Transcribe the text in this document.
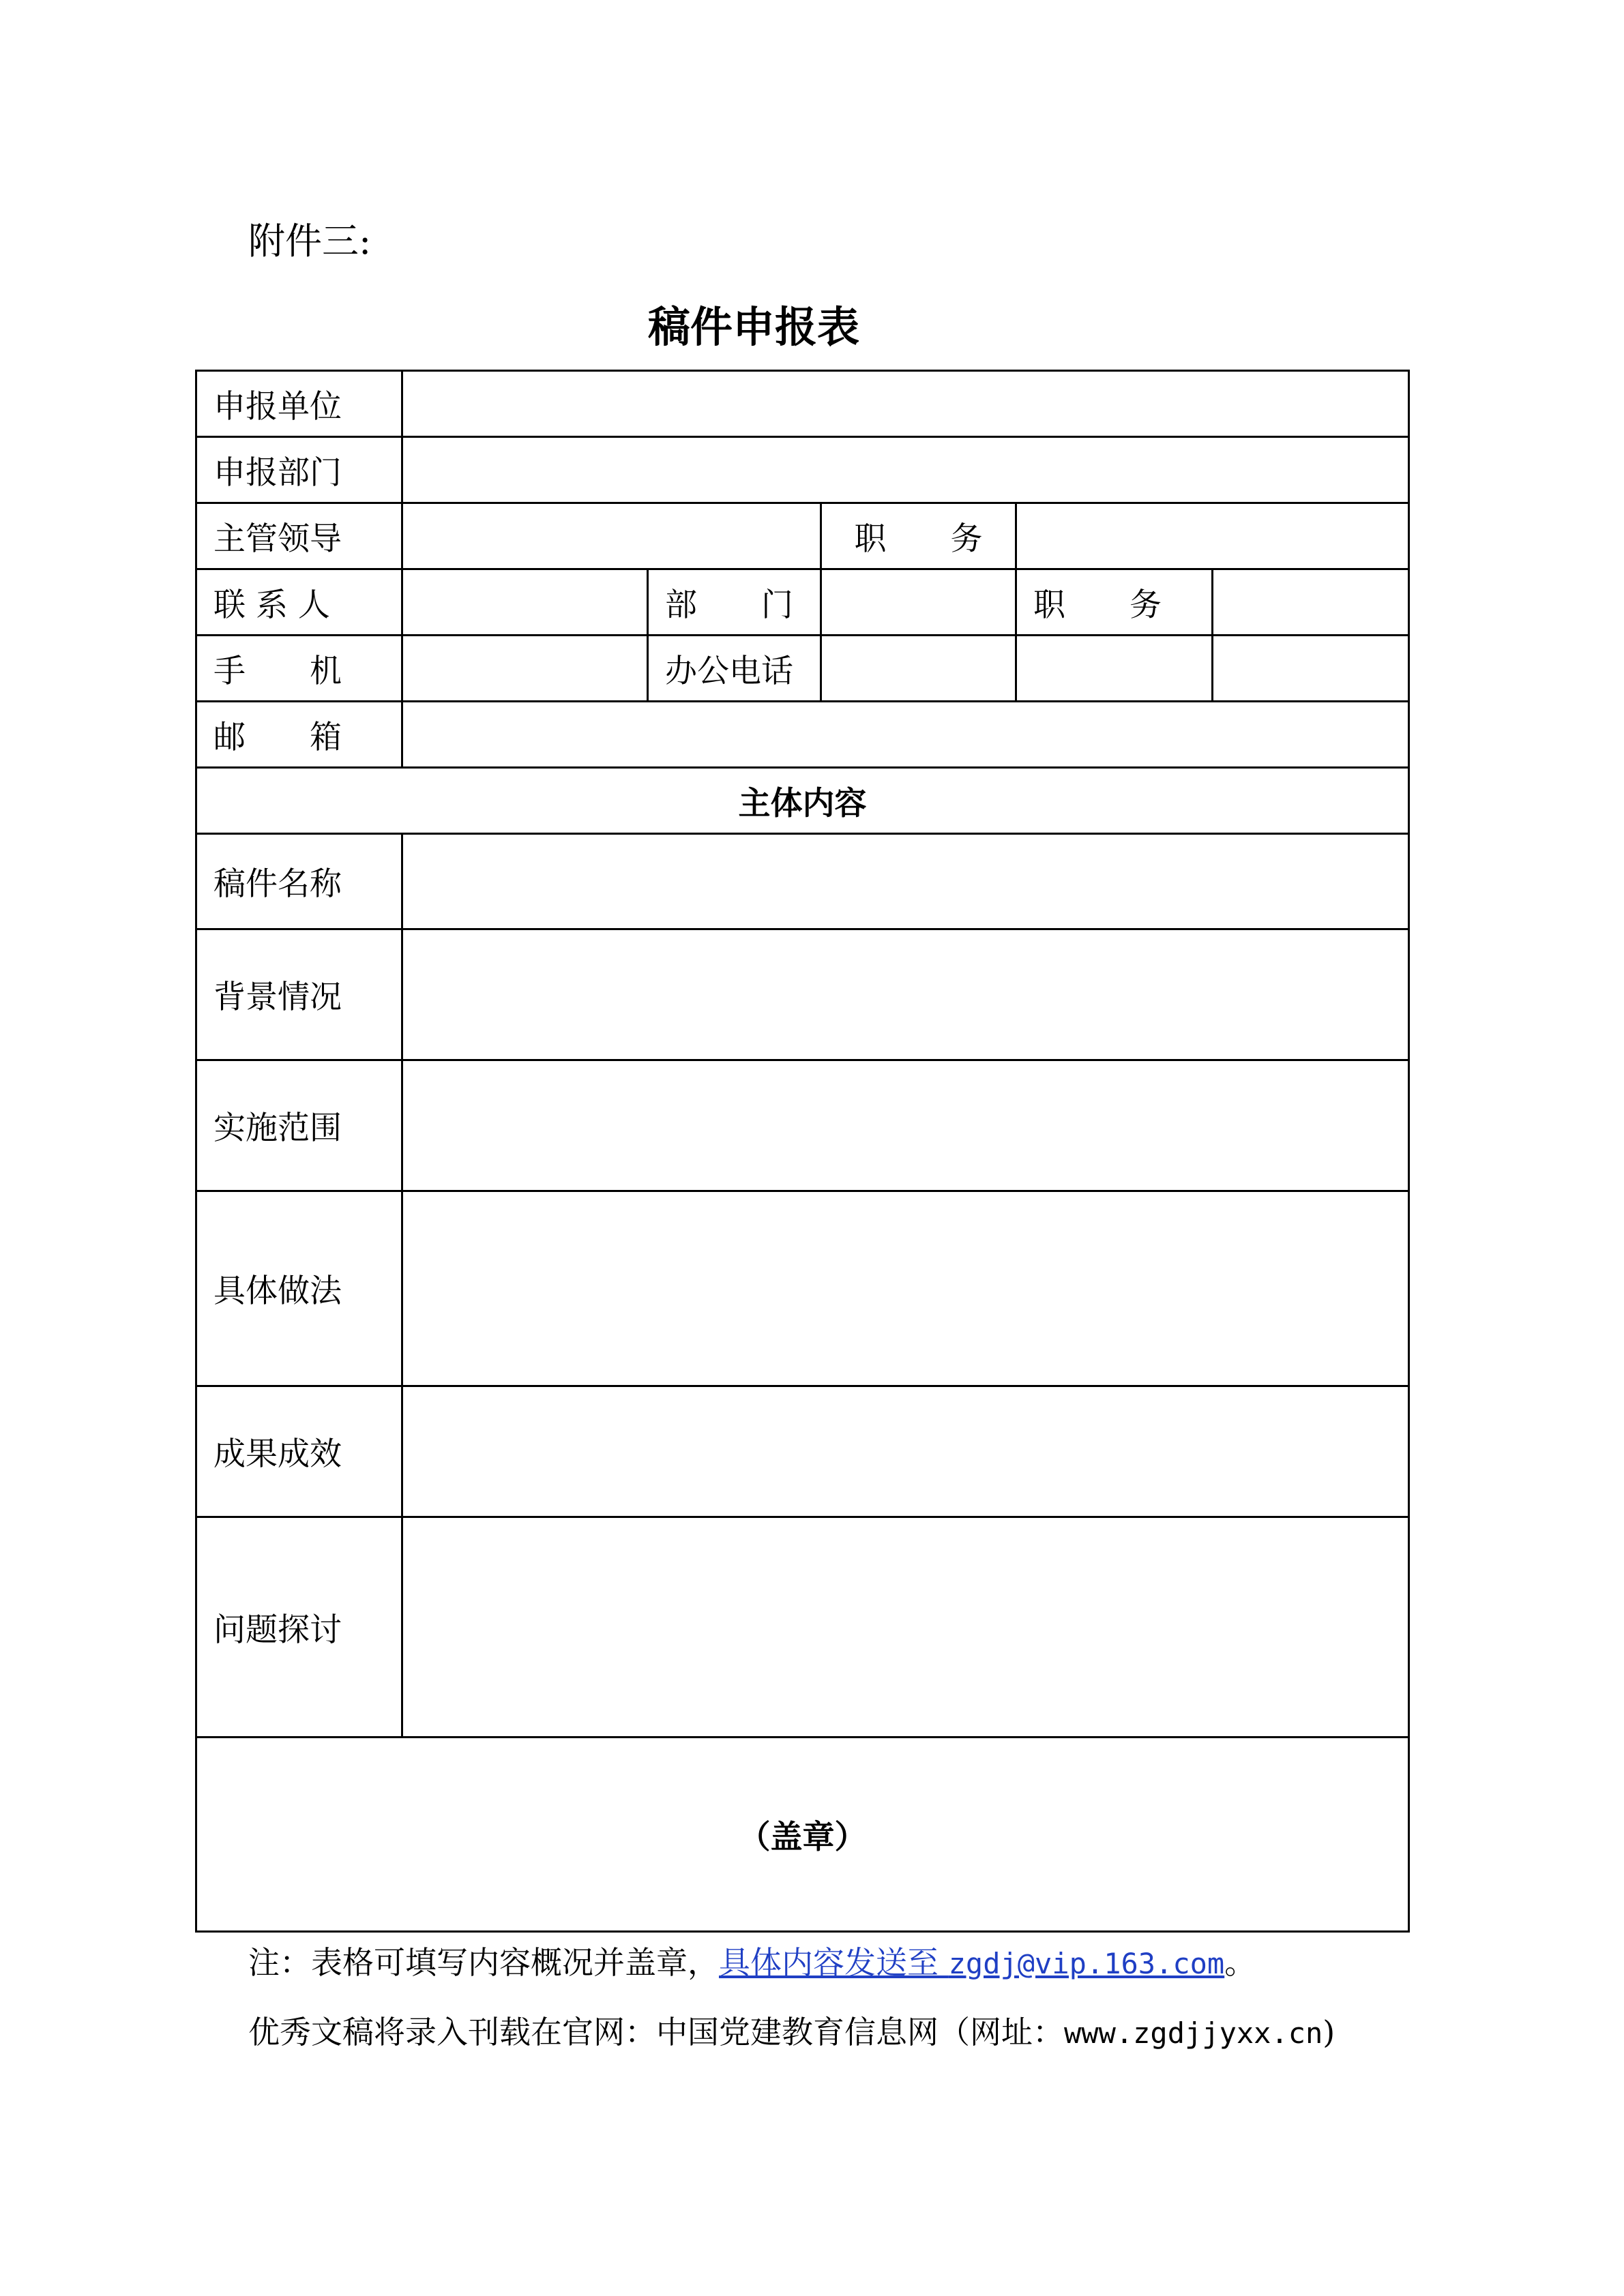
附件三:
稿件申报表
申报单位					
申报部门					
主管领导			职　　务		
联 系 人		部　　门		职　　务	
手　　机		办公电话			
邮　　箱					
主体内容					
稿件名称					
背景情况					
实施范围					
具体做法					
成果成效					
问题探讨					
（盖章）					
注：表格可填写内容概况并盖章，具体内容发送至 zgdj@vip.163.com。
优秀文稿将录入刊载在官网：中国党建教育信息网（网址：www.zgdjjyxx.cn)
